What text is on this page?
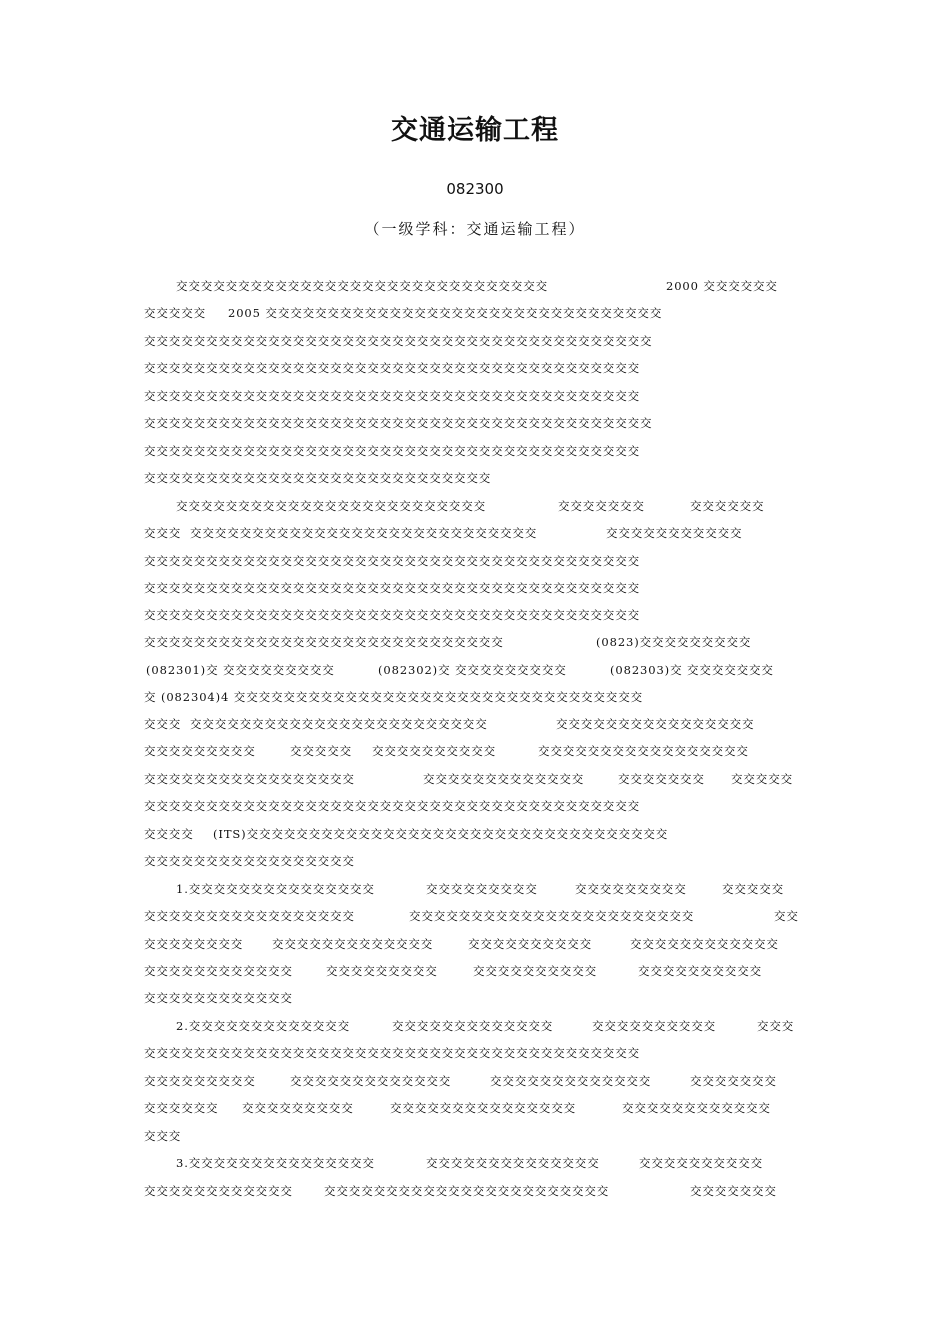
交通运输工程
082300
（一级学科：交通运输工程）
交交交交交交交交交交交交交交交交交交交交交交交交交交交交交交	2000 交交交交交交
交交交交交 2005 交交交交交交交交交交交交交交交交交交交交交交交交交交交交交交交交
交交交交交交交交交交交交交交交交交交交交交交交交交交交交交交交交交交交交交交交交交
交交交交交交交交交交交交交交交交交交交交交交交交交交交交交交交交交交交交交交交交
交交交交交交交交交交交交交交交交交交交交交交交交交交交交交交交交交交交交交交交交
交交交交交交交交交交交交交交交交交交交交交交交交交交交交交交交交交交交交交交交交交
交交交交交交交交交交交交交交交交交交交交交交交交交交交交交交交交交交交交交交交交
交交交交交交交交交交交交交交交交交交交交交交交交交交交交
交交交交交交交交交交交交交交交交交交交交交交交交交	交交交交交交交	交交交交交交
交交交 交交交交交交交交交交交交交交交交交交交交交交交交交交交交	交交交交交交交交交交交
交交交交交交交交交交交交交交交交交交交交交交交交交交交交交交交交交交交交交交交交
交交交交交交交交交交交交交交交交交交交交交交交交交交交交交交交交交交交交交交交交
交交交交交交交交交交交交交交交交交交交交交交交交交交交交交交交交交交交交交交交交
交交交交交交交交交交交交交交交交交交交交交交交交交交交交交	(0823)交交交交交交交交交
(082301)交 交交交交交交交交交	(082302)交 交交交交交交交交交	(082303)交 交交交交交交交
交 (082304)4 交交交交交交交交交交交交交交交交交交交交交交交交交交交交交交交交交
交交交 交交交交交交交交交交交交交交交交交交交交交交交交	交交交交交交交交交交交交交交交交
交交交交交交交交交	交交交交交 交交交交交交交交交交	交交交交交交交交交交交交交交交交交
交交交交交交交交交交交交交交交交交	交交交交交交交交交交交交交	交交交交交交交 交交交交交
交交交交交交交交交交交交交交交交交交交交交交交交交交交交交交交交交交交交交交交交
交交交交 (ITS)交交交交交交交交交交交交交交交交交交交交交交交交交交交交交交交交交交
交交交交交交交交交交交交交交交交交
1.交交交交交交交交交交交交交交交	交交交交交交交交交	交交交交交交交交交	交交交交交
交交交交交交交交交交交交交交交交交	交交交交交交交交交交交交交交交交交交交交交交交	交交
交交交交交交交交	交交交交交交交交交交交交交	交交交交交交交交交交	交交交交交交交交交交交交
交交交交交交交交交交交交	交交交交交交交交交	交交交交交交交交交交	交交交交交交交交交交
交交交交交交交交交交交交
2.交交交交交交交交交交交交交	交交交交交交交交交交交交交	交交交交交交交交交交	交交交
交交交交交交交交交交交交交交交交交交交交交交交交交交交交交交交交交交交交交交交交
交交交交交交交交交	交交交交交交交交交交交交交	交交交交交交交交交交交交交	交交交交交交交
交交交交交交 交交交交交交交交交	交交交交交交交交交交交交交交交	交交交交交交交交交交交交
交交交
3.交交交交交交交交交交交交交交交	交交交交交交交交交交交交交交	交交交交交交交交交交
交交交交交交交交交交交交	交交交交交交交交交交交交交交交交交交交交交交交	交交交交交交交
